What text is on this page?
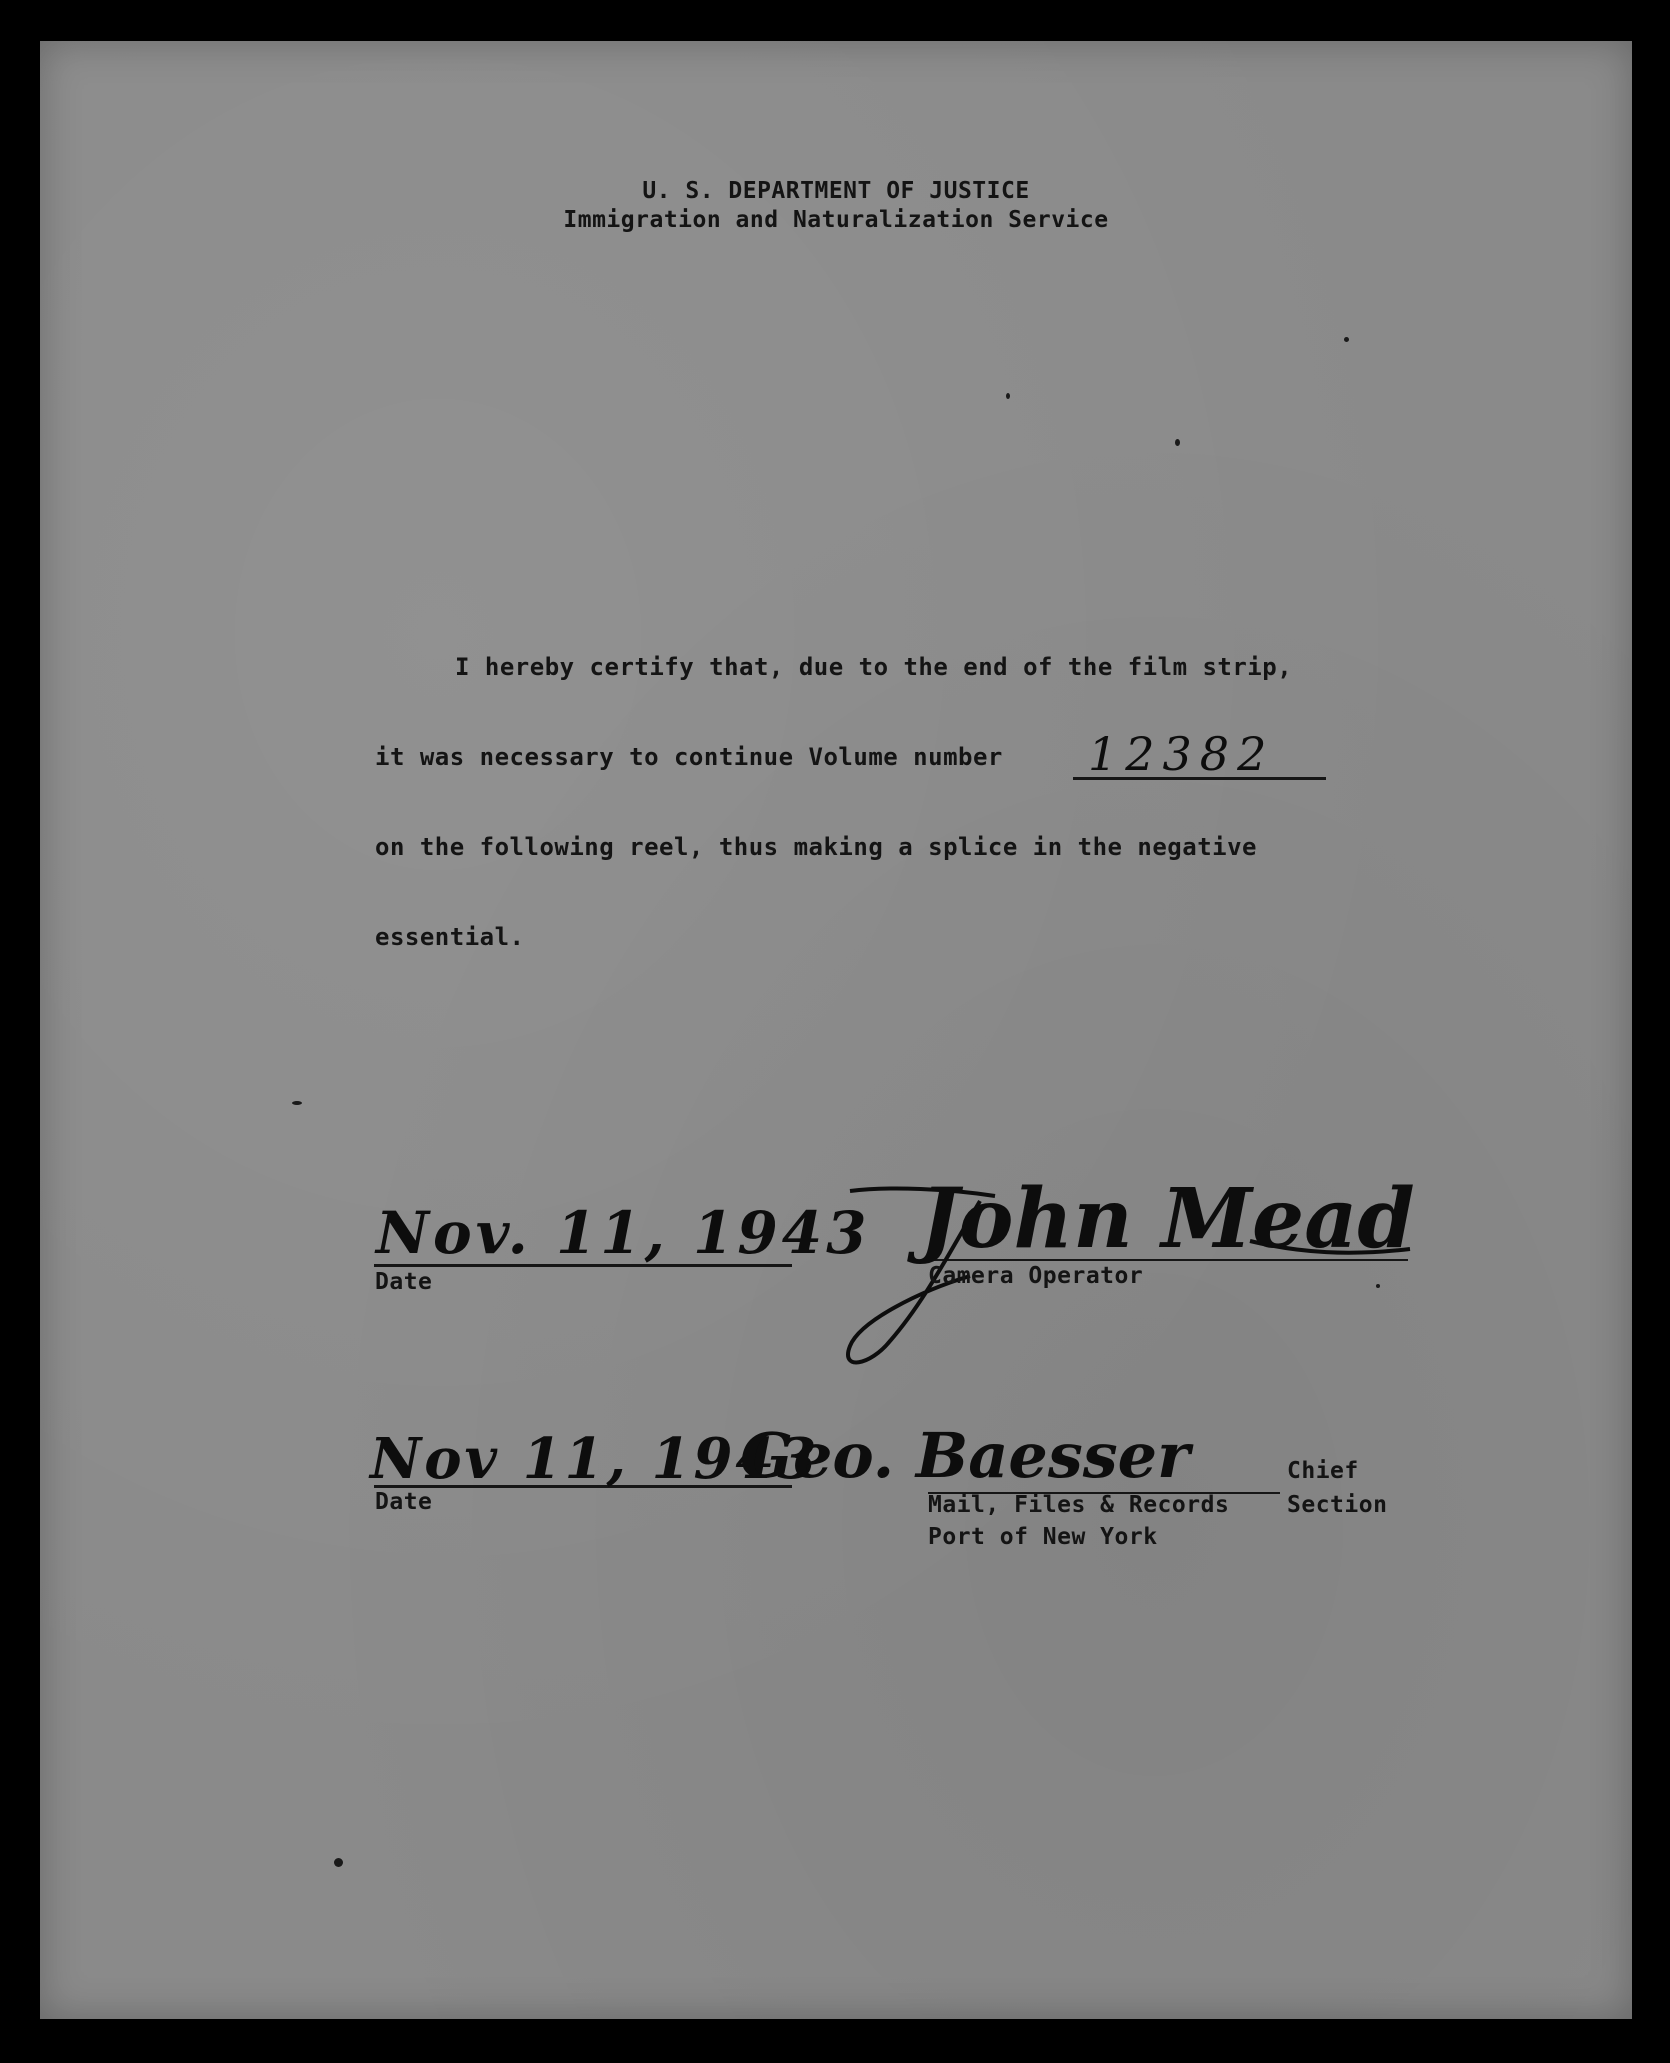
U. S. DEPARTMENT OF JUSTICE
Immigration and Naturalization Service
I hereby certify that, due to the end of the film strip,
it was necessary to continue Volume number 12382
on the following reel, thus making a splice in the negative
essential.
Nov. 11, 1943
Date
John Mead
Camera Operator
Nov 11, 1943
Date
Geo. Baesser	Chief
Mail, Files & Records	Section
Port of New York
